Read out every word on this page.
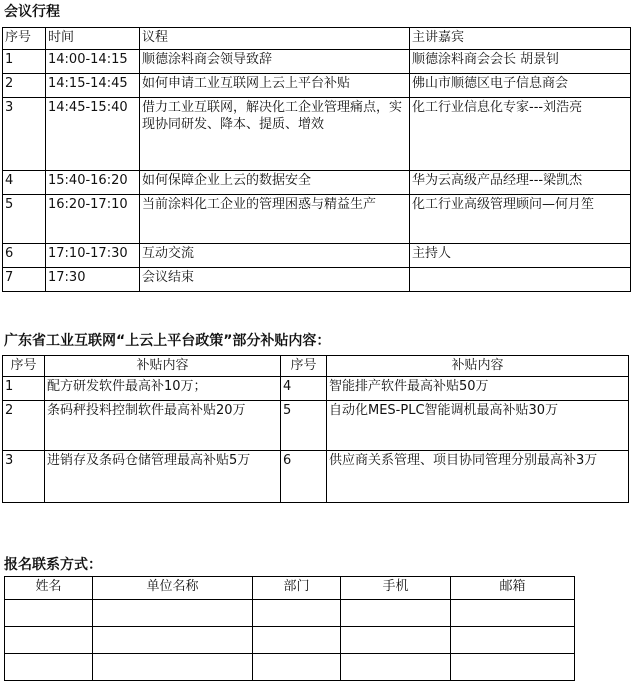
会议行程
序号	时间	议程	主讲嘉宾
1	14:00-14:15	顺德涂料商会领导致辞	顺德涂料商会会长 胡景钊
2	14:15-14:45	如何申请工业互联网上云上平台补贴	佛山市顺德区电子信息商会
3	14:45-15:40	借力工业互联网，解决化工企业管理痛点，实现协同研发、降本、提质、增效	化工行业信息化专家---刘浩亮
4	15:40-16:20	如何保障企业上云的数据安全	华为云高级产品经理---梁凯杰
5	16:20-17:10	当前涂料化工企业的管理困惑与精益生产	化工行业高级管理顾问—何月笙
6	17:10-17:30	互动交流	主持人
7	17:30	会议结束	
广东省工业互联网“上云上平台政策”部分补贴内容：
序号	补贴内容	序号	补贴内容
1	配方研发软件最高补10万；	4	智能排产软件最高补贴50万
2	条码秤投料控制软件最高补贴20万	5	自动化MES-PLC智能调机最高补贴30万
3	进销存及条码仓储管理最高补贴5万	6	供应商关系管理、项目协同管理分别最高补3万
报名联系方式：
姓名	单位名称	部门	手机	邮箱
